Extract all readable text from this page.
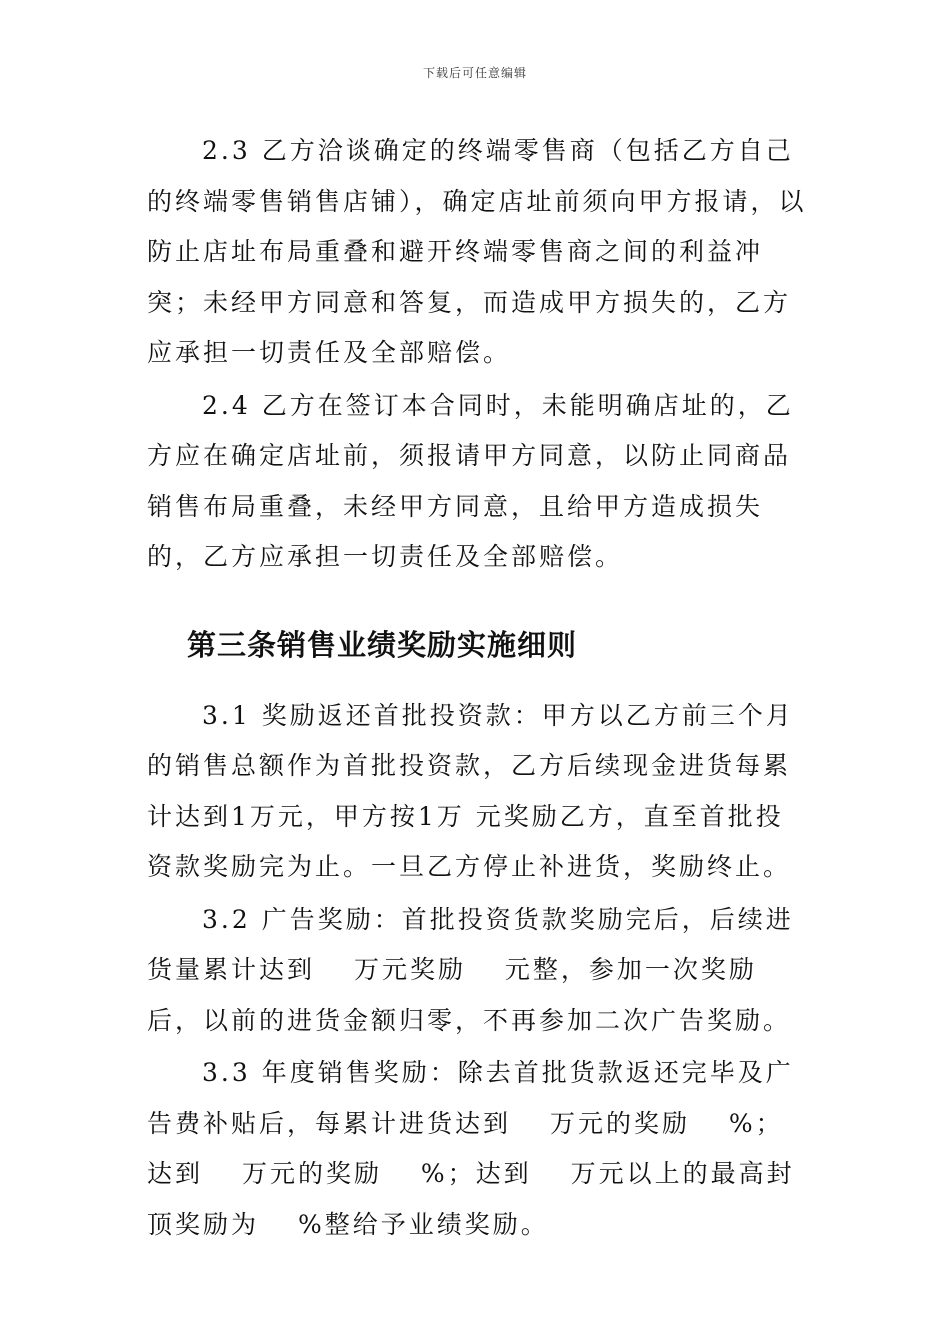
下载后可任意编辑

2.3 乙方洽谈确定的终端零售商（包括乙方自己的终端零售销售店铺），确定店址前须向甲方报请，以防止店址布局重叠和避开终端零售商之间的利益冲突；未经甲方同意和答复，而造成甲方损失的，乙方应承担一切责任及全部赔偿。

2.4 乙方在签订本合同时，未能明确店址的，乙方应在确定店址前，须报请甲方同意，以防止同商品销售布局重叠，未经甲方同意，且给甲方造成损失的，乙方应承担一切责任及全部赔偿。

第三条销售业绩奖励实施细则

3.1 奖励返还首批投资款：甲方以乙方前三个月的销售总额作为首批投资款，乙方后续现金进货每累计达到1万元，甲方按1万 元奖励乙方，直至首批投资款奖励完为止。一旦乙方停止补进货，奖励终止。

3.2 广告奖励：首批投资货款奖励完后，后续进货量累计达到 　万元奖励 　元整，参加一次奖励后，以前的进货金额归零，不再参加二次广告奖励。

3.3 年度销售奖励：除去首批货款返还完毕及广告费补贴后，每累计进货达到 　万元的奖励 　%；达到 　万元的奖励 　%；达到 　万元以上的最高封顶奖励为 　%整给予业绩奖励。
